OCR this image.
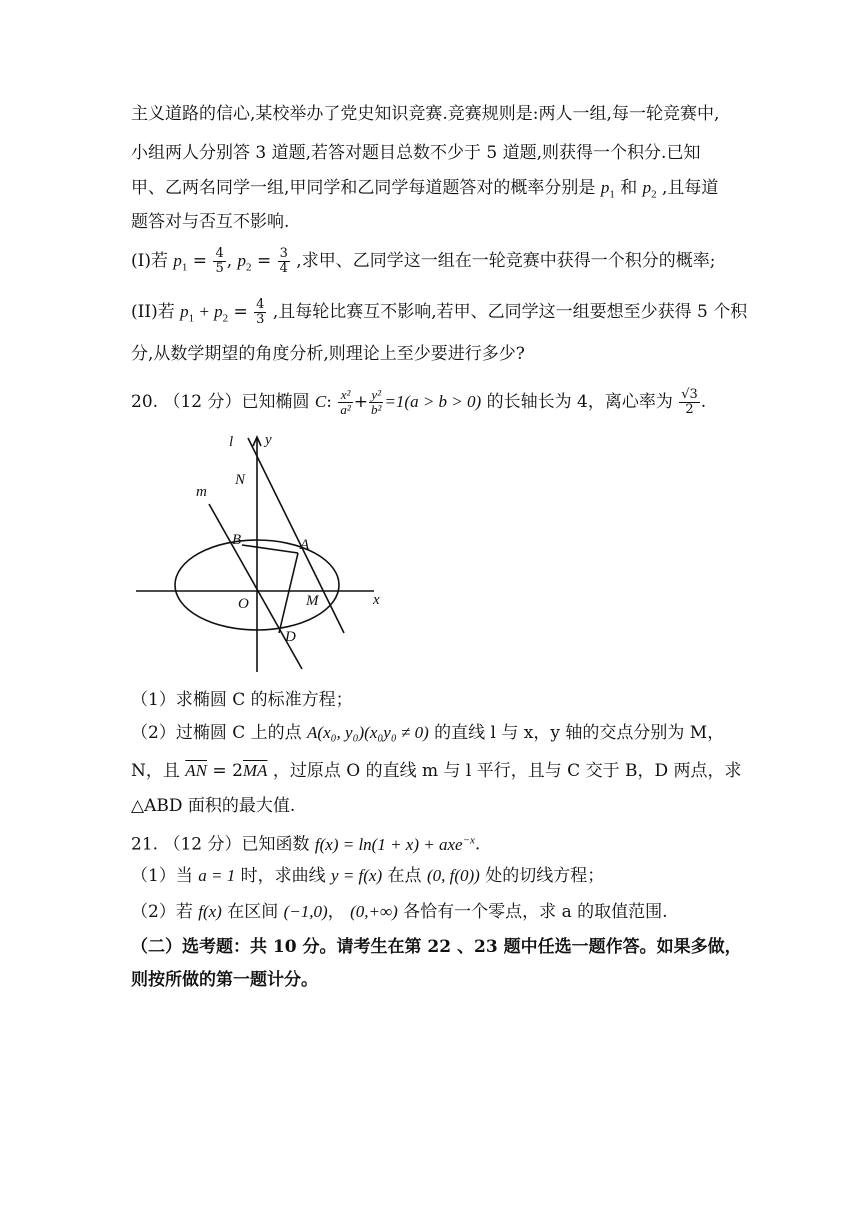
主义道路的信心,某校举办了党史知识竞赛.竞赛规则是:两人一组,每一轮竞赛中,
小组两人分别答 3 道题,若答对题目总数不少于 5 道题,则获得一个积分.已知
甲、乙两名同学一组,甲同学和乙同学每道题答对的概率分别是 $p_1$ 和 $p_2$ ,且每道
题答对与否互不影响.
(I)若 $p_1 = \frac{4}{5}$ , $p_2 = \frac{3}{4}$ ,求甲、乙同学这一组在一轮竞赛中获得一个积分的概率;
(II)若 $p_1 + p_2 = \frac{4}{3}$ ,且每轮比赛互不影响,若甲、乙同学这一组要想至少获得 5 个积
分,从数学期望的角度分析,则理论上至少要进行多少?
20. （12 分）已知椭圆 C: $\frac{\text{x²}}{\text{a²}} + \frac{\text{y²}}{\text{b²}} =1(a > b > 0)$ 的长轴长为 4，离心率为 $\frac{√3}{2}$ .
l y
N
m
B	A
O	M	x
D
（1）求椭圆 C 的标准方程；
（2）过椭圆 C 上的点 A(x₀, y₀)(x₀y₀ ≠ 0) 的直线 l 与 x，y 轴的交点分别为 M，
N，且 $\overline{AN} = 2\overline{MA}$ ，过原点 O 的直线 m 与 l 平行，且与 C 交于 B，D 两点，求
△ABD 面积的最大值.
21. （12 分）已知函数 f(x) = ln(1 + x) + axe$^{-x}$.
（1）当 a = 1 时，求曲线 y = f(x) 在点 (0, f(0)) 处的切线方程；
（2）若 f(x) 在区间 (−1,0)， (0,+∞) 各恰有一个零点，求 a 的取值范围.
（二）选考题：共 10 分。请考生在第 22 、23 题中任选一题作答。如果多做，
则按所做的第一题计分。
